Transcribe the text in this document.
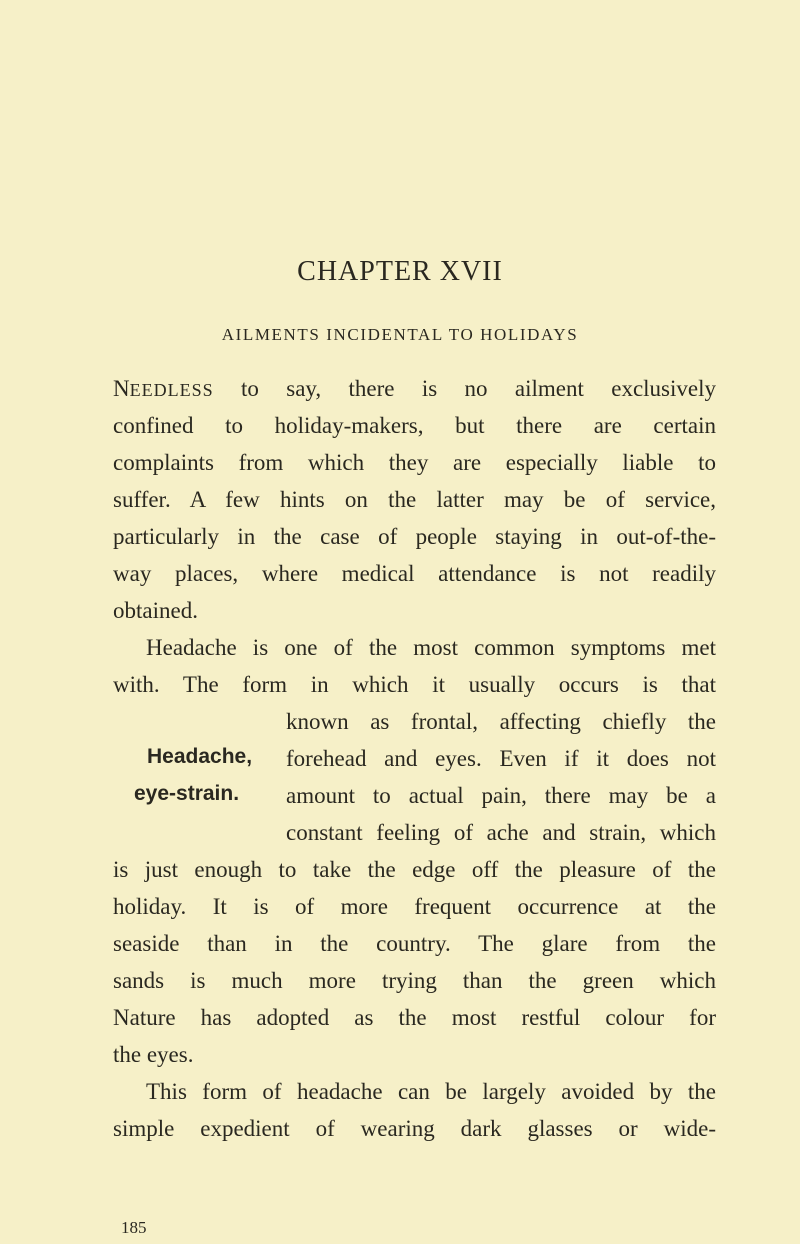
CHAPTER XVII
AILMENTS INCIDENTAL TO HOLIDAYS
NEEDLESS to say, there is no ailment exclusively
confined to holiday-makers, but there are certain
complaints from which they are especially liable to
suffer. A few hints on the latter may be of service,
particularly in the case of people staying in out-of-the-
way places, where medical attendance is not readily
obtained.
Headache is one of the most common symptoms met
with. The form in which it usually occurs is that
known as frontal, affecting chiefly the
forehead and eyes. Even if it does not
amount to actual pain, there may be a
constant feeling of ache and strain, which
is just enough to take the edge off the pleasure of the
holiday. It is of more frequent occurrence at the
seaside than in the country. The glare from the
sands is much more trying than the green which
Nature has adopted as the most restful colour for
the eyes.
This form of headache can be largely avoided by the
simple expedient of wearing dark glasses or wide-
Headache,
eye-strain.
185
